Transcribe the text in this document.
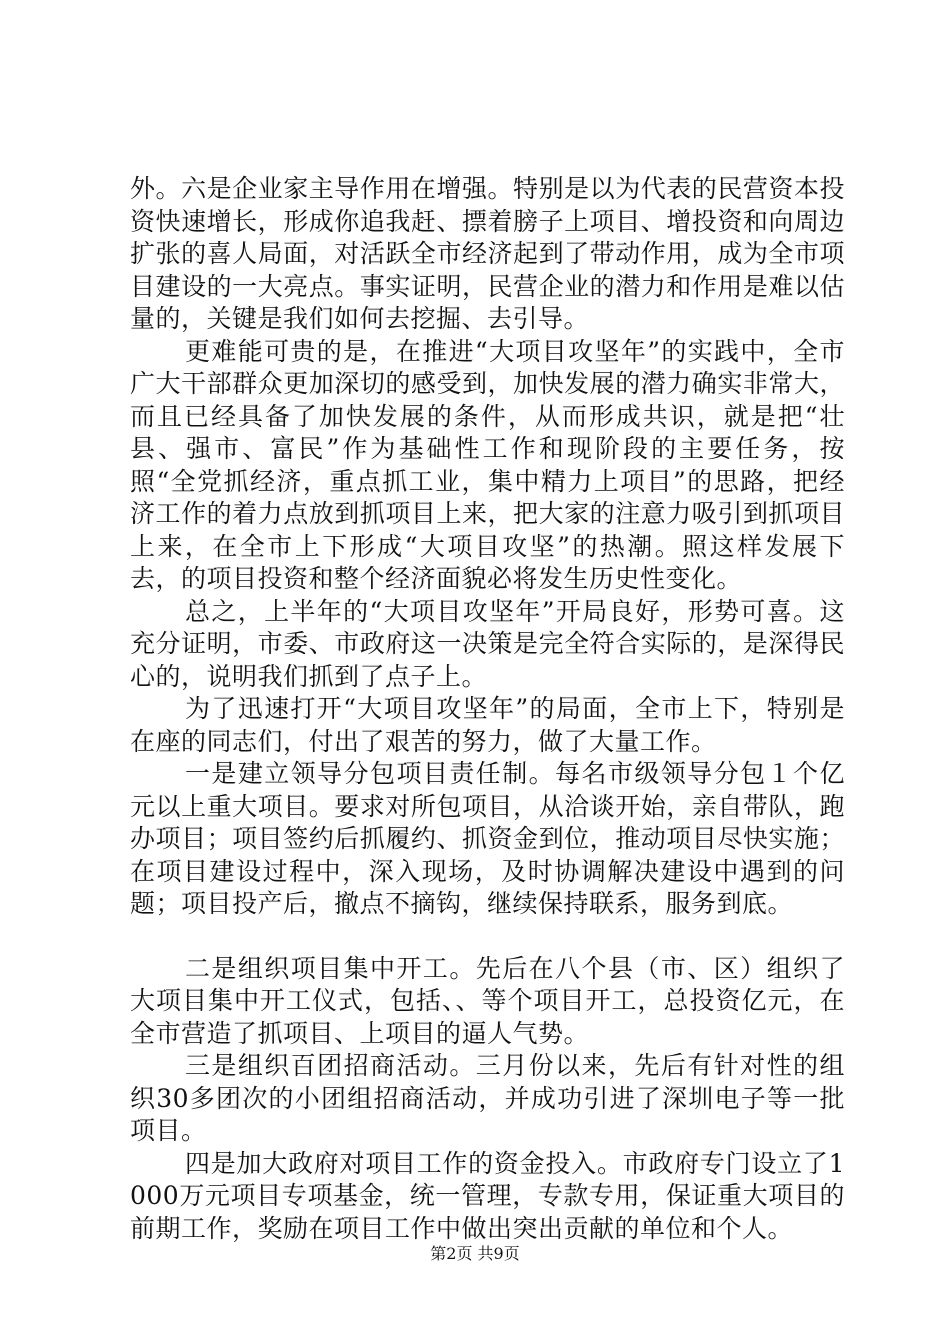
外。六是企业家主导作用在增强。特别是以为代表的民营资本投资快速增长，形成你追我赶、摽着膀子上项目、增投资和向周边扩张的喜人局面，对活跃全市经济起到了带动作用，成为全市项目建设的一大亮点。事实证明，民营企业的潜力和作用是难以估量的，关键是我们如何去挖掘、去引导。

更难能可贵的是，在推进“大项目攻坚年”的实践中，全市广大干部群众更加深切的感受到，加快发展的潜力确实非常大，而且已经具备了加快发展的条件，从而形成共识，就是把“壮县、强市、富民”作为基础性工作和现阶段的主要任务，按照“全党抓经济，重点抓工业，集中精力上项目”的思路，把经济工作的着力点放到抓项目上来，把大家的注意力吸引到抓项目上来，在全市上下形成“大项目攻坚”的热潮。照这样发展下去，的项目投资和整个经济面貌必将发生历史性变化。

总之，上半年的“大项目攻坚年”开局良好，形势可喜。这充分证明，市委、市政府这一决策是完全符合实际的，是深得民心的，说明我们抓到了点子上。

为了迅速打开“大项目攻坚年”的局面，全市上下，特别是在座的同志们，付出了艰苦的努力，做了大量工作。

一是建立领导分包项目责任制。每名市级领导分包１个亿元以上重大项目。要求对所包项目，从洽谈开始，亲自带队，跑办项目；项目签约后抓履约、抓资金到位，推动项目尽快实施；在项目建设过程中，深入现场，及时协调解决建设中遇到的问题；项目投产后，撤点不摘钩，继续保持联系，服务到底。

二是组织项目集中开工。先后在八个县（市、区）组织了大项目集中开工仪式，包括、、等个项目开工，总投资亿元，在全市营造了抓项目、上项目的逼人气势。

三是组织百团招商活动。三月份以来，先后有针对性的组织30多团次的小团组招商活动，并成功引进了深圳电子等一批项目。

四是加大政府对项目工作的资金投入。市政府专门设立了1000万元项目专项基金，统一管理，专款专用，保证重大项目的前期工作，奖励在项目工作中做出突出贡献的单位和个人。

第2页 共9页
